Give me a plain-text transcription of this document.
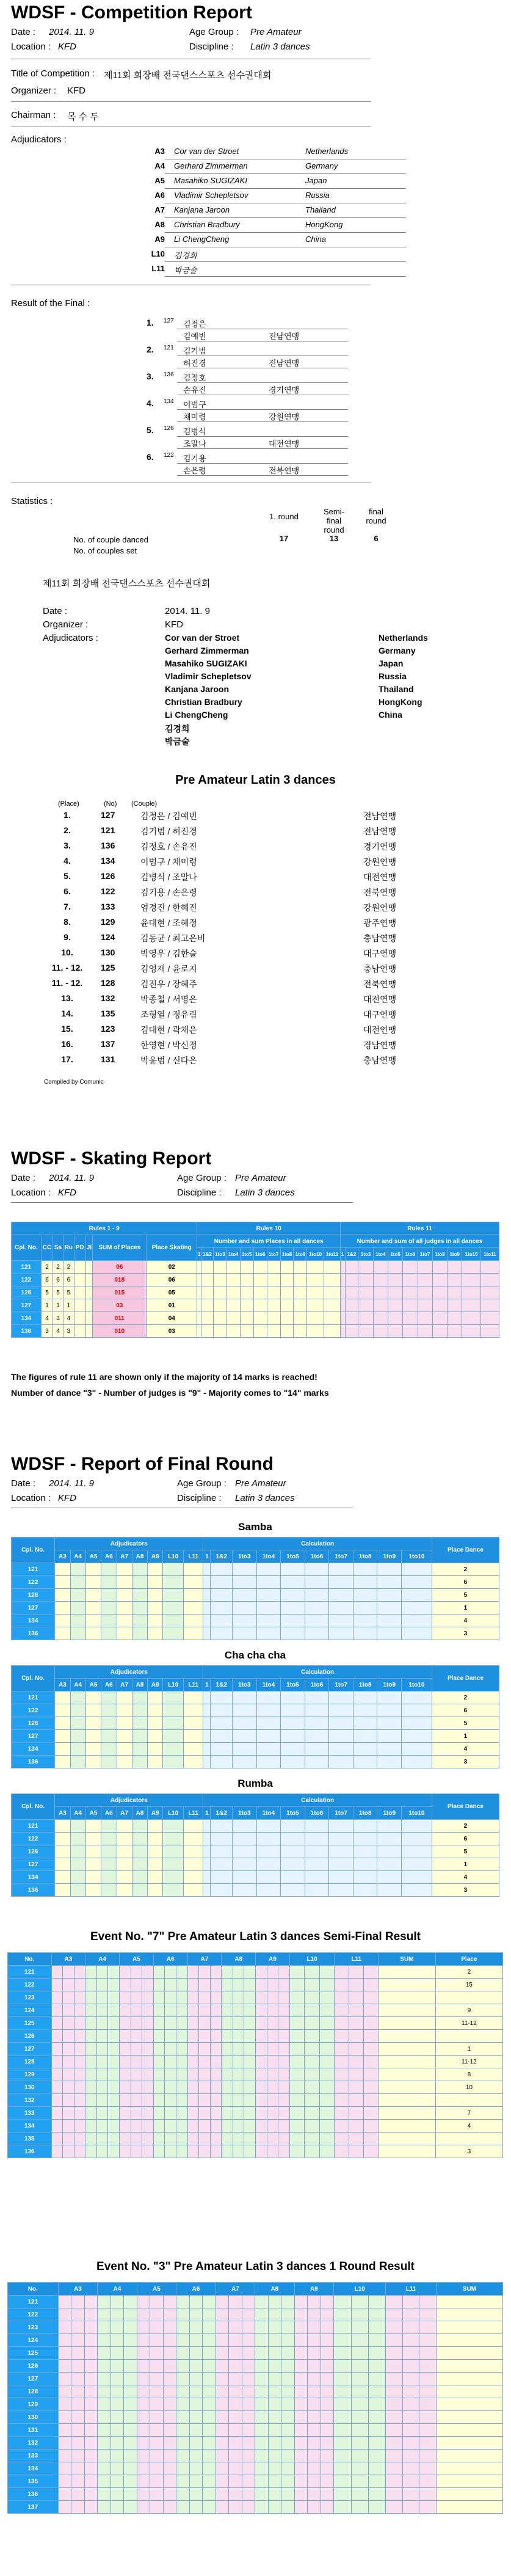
WDSF - Competition Report
Date : 2014. 11. 9	Age Group : Pre Amateur
Location : KFD	Discipline : Latin 3 dances
Title of Competition : 제11회 회장배 전국댄스스포츠 선수권대회
Organizer : KFD
Chairman : 목 수 두
Adjudicators :
A3 Cor van der Stroet	Netherlands
A4 Gerhard Zimmerman	Germany
A5 Masahiko SUGIZAKI	Japan
A6 Vladimir Schepletsov	Russia
A7 Kanjana Jaroon	Thailand
A8 Christian Bradbury	HongKong
A9 Li ChengCheng	China
L10 김경희
L11 박금술
Result of the Final :
1. 127 김정은
김예빈	전남연맹
2. 121 김기범
허진경	전남연맹
3. 136 김정호
손유진	경기연맹
4. 134 이범구
채미령	강원연맹
5. 126 김병식
조말나	대전연맹
6. 122 김기용
손은령	전북연맹
Statistics :
1. round
Semi-final round
final round
No. of couple danced	17	13	6
No. of couples set
제11회 회장배 전국댄스스포츠 선수권대회
Date :	2014. 11. 9
Organizer :	KFD
Adjudicators :	Cor van der Stroet	Netherlands
Gerhard Zimmerman	Germany
Masahiko SUGIZAKI	Japan
Vladimir Schepletsov	Russia
Kanjana Jaroon	Thailand
Christian Bradbury	HongKong
Li ChengCheng	China
김경희
박금술
Pre Amateur Latin 3 dances
(Place)	(No) (Couple)
1.	127	김정은 / 김예빈	전남연맹
2.	121	김기범 / 허진경	전남연맹
3.	136	김정호 / 손유진	경기연맹
4.	134	이범구 / 채미령	강원연맹
5.	126	김병식 / 조말나	대전연맹
6.	122	김기용 / 손은령	전북연맹
7.	133	엄경진 / 한혜진	강원연맹
8.	129	윤대현 / 조혜정	광주연맹
9.	124	김동균 / 최고은비	충남연맹
10.	130	박영우 / 김한슬	대구연맹
11. - 12.	125	김영재 / 윤로지	충남연맹
11. - 12.	128	김진우 / 장혜주	전북연맹
13.	132	박종철 / 서명은	대전연맹
14.	135	조형열 / 정유림	대구연맹
15.	123	김대현 / 곽채은	대전연맹
16.	137	한영현 / 박신정	경남연맹
17.	131	박윤범 / 신다은	충남연맹
Compiled by Comunic
WDSF - Skating Report
Date : 2014. 11. 9	Age Group : Pre Amateur
Location : KFD	Discipline : Latin 3 dances
Rules 1 - 9								Rules 10											Rules 11										
Cpl. No.	CC	Sa	Ru	PD	JI	SUM of Places	Place Skating	Number and sum Places in all dances											Number and sum of all judges in all dances										
								1	1&2	1to3	1to4	1to5	1to6	1to7	1to8	1to9	1to10	1to11	1	1&2	1to3	1to4	1to5	1to6	1to7	1to8	1to9	1to10	1to11
121	2	2	2			06	02																						
122	6	6	6			018	06																						
126	5	5	5			015	05																						
127	1	1	1			03	01																						
134	4	3	4			011	04																						
136	3	4	3			010	03																						
The figures of rule 11 are shown only if the majority of 14 marks is reached!
Number of dance "3" - Number of judges is "9" - Majority comes to "14" marks
WDSF - Report of Final Round
Date : 2014. 11. 9	Age Group : Pre Amateur
Location : KFD	Discipline : Latin 3 dances
Samba
Cpl. No.	Adjudicators									Calculation										Place Dance
	A3	A4	A5	A6	A7	A8	A9	L10	L11	1	1&2	1to3	1to4	1to5	1to6	1to7	1to8	1to9	1to10	
121																				2
122																				6
126																				5
127																				1
134																				4
136																				3
Cha cha cha
Cpl. No.	Adjudicators									Calculation										Place Dance
	A3	A4	A5	A6	A7	A8	A9	L10	L11	1	1&2	1to3	1to4	1to5	1to6	1to7	1to8	1to9	1to10	
121																				2
122																				6
126																				5
127																				1
134																				4
136																				3
Rumba
Cpl. No.	Adjudicators									Calculation										Place Dance
	A3	A4	A5	A6	A7	A8	A9	L10	L11	1	1&2	1to3	1to4	1to5	1to6	1to7	1to8	1to9	1to10	
121																				2
122																				6
126																				5
127																				1
134																				4
136																				3
Event No. "7" Pre Amateur Latin 3 dances Semi-Final Result
No.	A3			A4			A5			A6			A7			A8			A9			L10			L11			SUM	Place
121																													2
122																													15
123																													
124																													9
125																													11-12
126																													
127																													1
128																													11-12
129																													8
130																													10
132																													
133																													7
134																													4
135																													
136																													3
Event No. "3" Pre Amateur Latin 3 dances 1 Round Result
No.	A3			A4			A5			A6			A7			A8			A9			L10			L11			SUM
121																												
122																												
123																												
124																												
125																												
126																												
127																												
128																												
129																												
130																												
131																												
132																												
133																												
134																												
135																												
136																												
137																												
